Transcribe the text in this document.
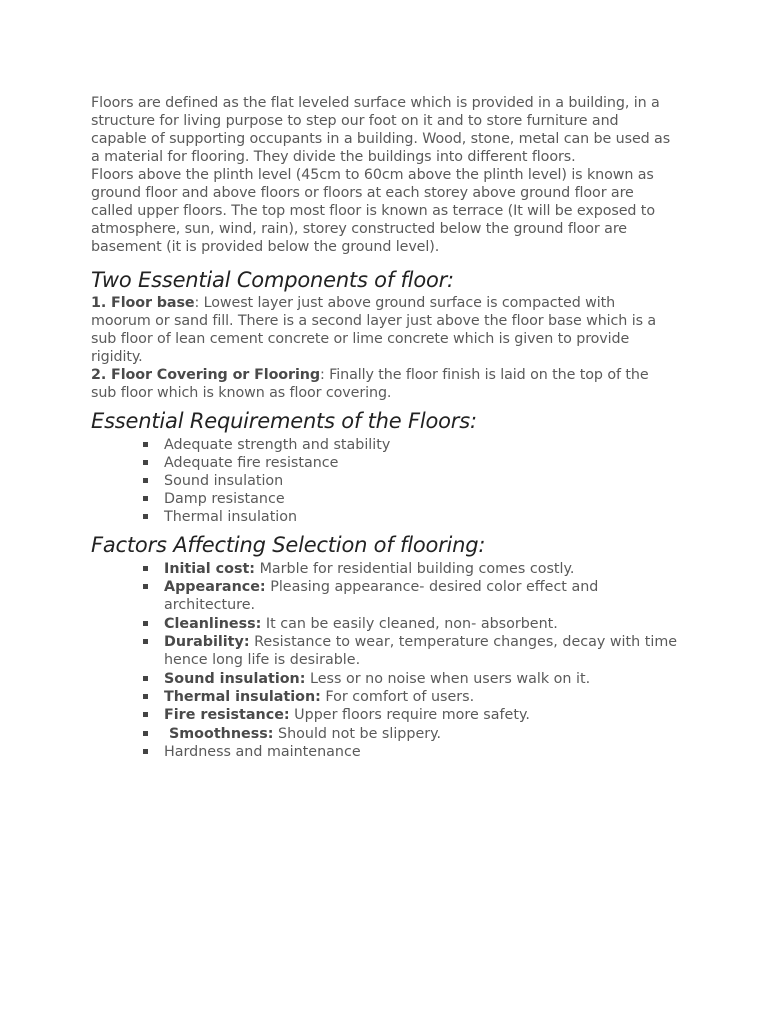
Floors are defined as the flat leveled surface which is provided in a building, in a structure for living purpose to step our foot on it and to store furniture and capable of supporting occupants in a building. Wood, stone, metal can be used as a material for flooring. They divide the buildings into different floors.

Floors above the plinth level (45cm to 60cm above the plinth level) is known as ground floor and above floors or floors at each storey above ground floor are called upper floors. The top most floor is known as terrace (It will be exposed to atmosphere, sun, wind, rain), storey constructed below the ground floor are basement (it is provided below the ground level).

Two Essential Components of floor:

1. Floor base: Lowest layer just above ground surface is compacted with moorum or sand fill. There is a second layer just above the floor base which is a sub floor of lean cement concrete or lime concrete which is given to provide rigidity.

2. Floor Covering or Flooring: Finally the floor finish is laid on the top of the sub floor which is known as floor covering.

Essential Requirements of the Floors:
Adequate strength and stability
Adequate fire resistance
Sound insulation
Damp resistance
Thermal insulation
Factors Affecting Selection of flooring:
Initial cost: Marble for residential building comes costly.
Appearance: Pleasing appearance- desired color effect and architecture.
Cleanliness: It can be easily cleaned, non- absorbent.
Durability: Resistance to wear, temperature changes, decay with time hence long life is desirable.
Sound insulation: Less or no noise when users walk on it.
Thermal insulation: For comfort of users.
Fire resistance: Upper floors require more safety.
Smoothness: Should not be slippery.
Hardness and maintenance
